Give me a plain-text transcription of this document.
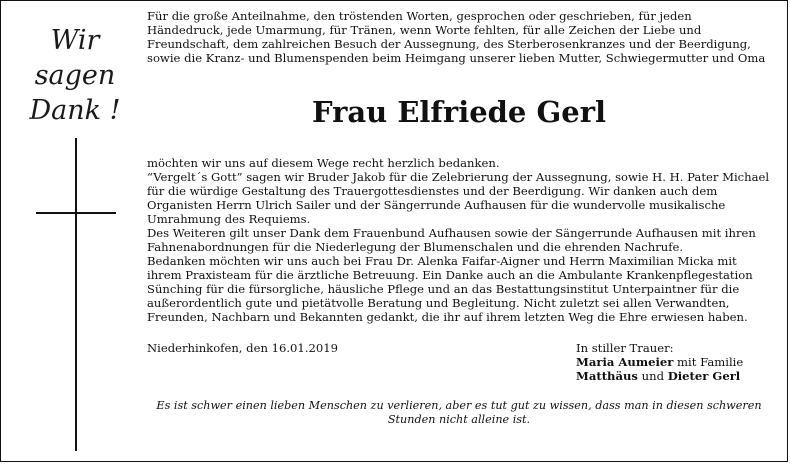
Wir
sagen
Dank !

Für die große Anteilnahme, den tröstenden Worten, gesprochen oder geschrieben, für jeden Händedruck, jede Umarmung, für Tränen, wenn Worte fehlten, für alle Zeichen der Liebe und Freundschaft, dem zahlreichen Besuch der Aussegnung, des Sterberosenkranzes und der Beerdigung, sowie die Kranz- und Blumenspenden beim Heimgang unserer lieben Mutter, Schwiegermutter und Oma

Frau Elfriede Gerl
möchten wir uns auf diesem Wege recht herzlich bedanken.
“Vergelt´s Gott” sagen wir Bruder Jakob für die Zelebrierung der Aussegnung, sowie H. H. Pater Michael für die würdige Gestaltung des Trauergottesdienstes und der Beerdigung. Wir danken auch dem Organisten Herrn Ulrich Sailer und der Sängerrunde Aufhausen für die wundervolle musikalische Umrahmung des Requiems.
Des Weiteren gilt unser Dank dem Frauenbund Aufhausen sowie der Sängerrunde Aufhausen mit ihren Fahnenabordnungen für die Niederlegung der Blumenschalen und die ehrenden Nachrufe.
Bedanken möchten wir uns auch bei Frau Dr. Alenka Faifar-Aigner und Herrn Maximilian Micka mit ihrem Praxisteam für die ärztliche Betreuung. Ein Danke auch an die Ambulante Krankenpflegestation Sünching für die fürsorgliche, häusliche Pflege und an das Bestattungsinstitut Unterpaintner für die außerordentlich gute und pietätvolle Beratung und Begleitung. Nicht zuletzt sei allen Verwandten, Freunden, Nachbarn und Bekannten gedankt, die ihr auf ihrem letzten Weg die Ehre erwiesen haben.
Niederhinkofen, den 16.01.2019	In stiller Trauer:
Maria Aumeier mit Familie
Matthäus und Dieter Gerl

Es ist schwer einen lieben Menschen zu verlieren, aber es tut gut zu wissen, dass man in diesen schweren Stunden nicht alleine ist.
